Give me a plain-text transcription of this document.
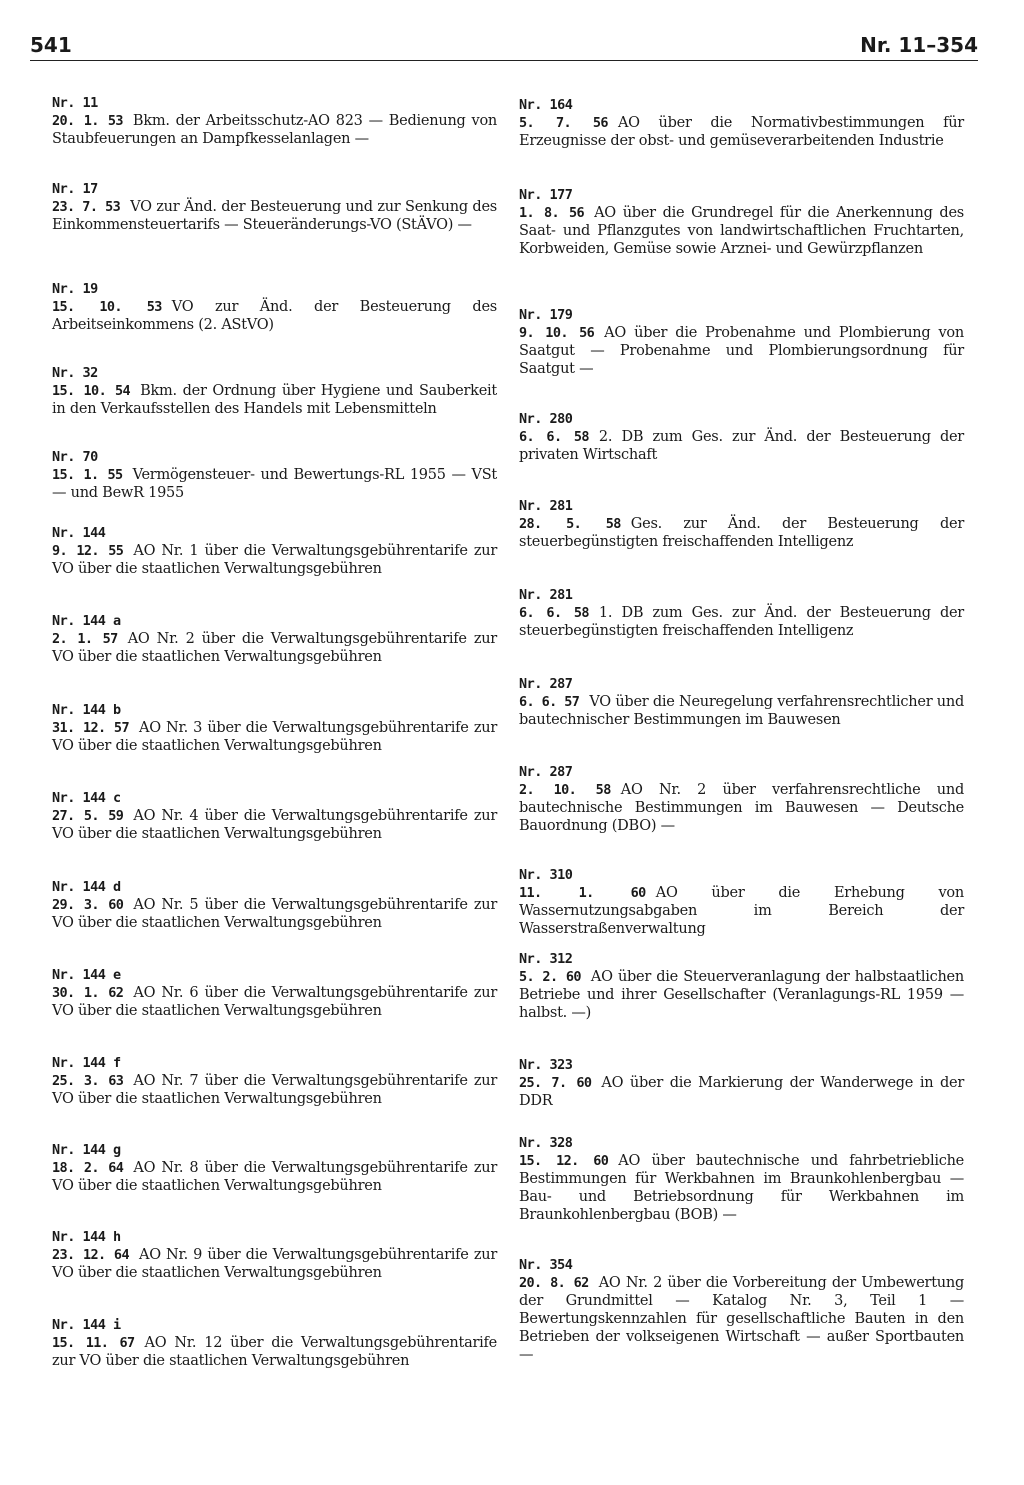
541	Nr. 11–354
Nr. 11
20. 1. 53 Bkm. der Arbeitsschutz-AO 823 — Bedienung von Staubfeuerungen an Dampfkesselanlagen —
Nr. 17
23. 7. 53 VO zur Änd. der Besteuerung und zur Senkung des Einkommensteuertarifs — Steueränderungs-VO (StÄVO) —
Nr. 19
15. 10. 53 VO zur Änd. der Besteuerung des Arbeitseinkommens (2. AStVO)
Nr. 32
15. 10. 54 Bkm. der Ordnung über Hygiene und Sauberkeit in den Verkaufsstellen des Handels mit Lebensmitteln
Nr. 70
15. 1. 55 Vermögensteuer- und Bewertungs-RL 1955 — VSt — und BewR 1955
Nr. 144
9. 12. 55 AO Nr. 1 über die Verwaltungsgebührentarife zur VO über die staatlichen Verwaltungsgebühren
Nr. 144 a
2. 1. 57 AO Nr. 2 über die Verwaltungsgebührentarife zur VO über die staatlichen Verwaltungsgebühren
Nr. 144 b
31. 12. 57 AO Nr. 3 über die Verwaltungsgebührentarife zur VO über die staatlichen Verwaltungsgebühren
Nr. 144 c
27. 5. 59 AO Nr. 4 über die Verwaltungsgebührentarife zur VO über die staatlichen Verwaltungsgebühren
Nr. 144 d
29. 3. 60 AO Nr. 5 über die Verwaltungsgebührentarife zur VO über die staatlichen Verwaltungsgebühren
Nr. 144 e
30. 1. 62 AO Nr. 6 über die Verwaltungsgebührentarife zur VO über die staatlichen Verwaltungsgebühren
Nr. 144 f
25. 3. 63 AO Nr. 7 über die Verwaltungsgebührentarife zur VO über die staatlichen Verwaltungsgebühren
Nr. 144 g
18. 2. 64 AO Nr. 8 über die Verwaltungsgebührentarife zur VO über die staatlichen Verwaltungsgebühren
Nr. 144 h
23. 12. 64 AO Nr. 9 über die Verwaltungsgebührentarife zur VO über die staatlichen Verwaltungsgebühren
Nr. 144 i
15. 11. 67 AO Nr. 12 über die Verwaltungsgebührentarife zur VO über die staatlichen Verwaltungsgebühren
Nr. 164
5. 7. 56 AO über die Normativbestimmungen für Erzeugnisse der obst- und gemüseverarbeitenden Industrie
Nr. 177
1. 8. 56 AO über die Grundregel für die Anerkennung des Saat- und Pflanzgutes von landwirtschaftlichen Fruchtarten, Korbweiden, Gemüse sowie Arznei- und Gewürzpflanzen
Nr. 179
9. 10. 56 AO über die Probenahme und Plombierung von Saatgut — Probenahme und Plombierungsordnung für Saatgut —
Nr. 280
6. 6. 58 2. DB zum Ges. zur Änd. der Besteuerung der privaten Wirtschaft
Nr. 281
28. 5. 58 Ges. zur Änd. der Besteuerung der steuerbegünstigten freischaffenden Intelligenz
Nr. 281
6. 6. 58 1. DB zum Ges. zur Änd. der Besteuerung der steuerbegünstigten freischaffenden Intelligenz
Nr. 287
6. 6. 57 VO über die Neuregelung verfahrensrechtlicher und bautechnischer Bestimmungen im Bauwesen
Nr. 287
2. 10. 58 AO Nr. 2 über verfahrensrechtliche und bautechnische Bestimmungen im Bauwesen — Deutsche Bauordnung (DBO) —
Nr. 310
11. 1. 60 AO über die Erhebung von Wassernutzungsabgaben im Bereich der Wasserstraßenverwaltung
Nr. 312
5. 2. 60 AO über die Steuerveranlagung der halbstaatlichen Betriebe und ihrer Gesellschafter (Veranlagungs-RL 1959 — halbst. —)
Nr. 323
25. 7. 60 AO über die Markierung der Wanderwege in der DDR
Nr. 328
15. 12. 60 AO über bautechnische und fahrbetriebliche Bestimmungen für Werkbahnen im Braunkohlenbergbau — Bau- und Betriebsordnung für Werkbahnen im Braunkohlenbergbau (BOB) —
Nr. 354
20. 8. 62 AO Nr. 2 über die Vorbereitung der Umbewertung der Grundmittel — Katalog Nr. 3, Teil 1 — Bewertungskennzahlen für gesellschaftliche Bauten in den Betrieben der volkseigenen Wirtschaft — außer Sportbauten —
